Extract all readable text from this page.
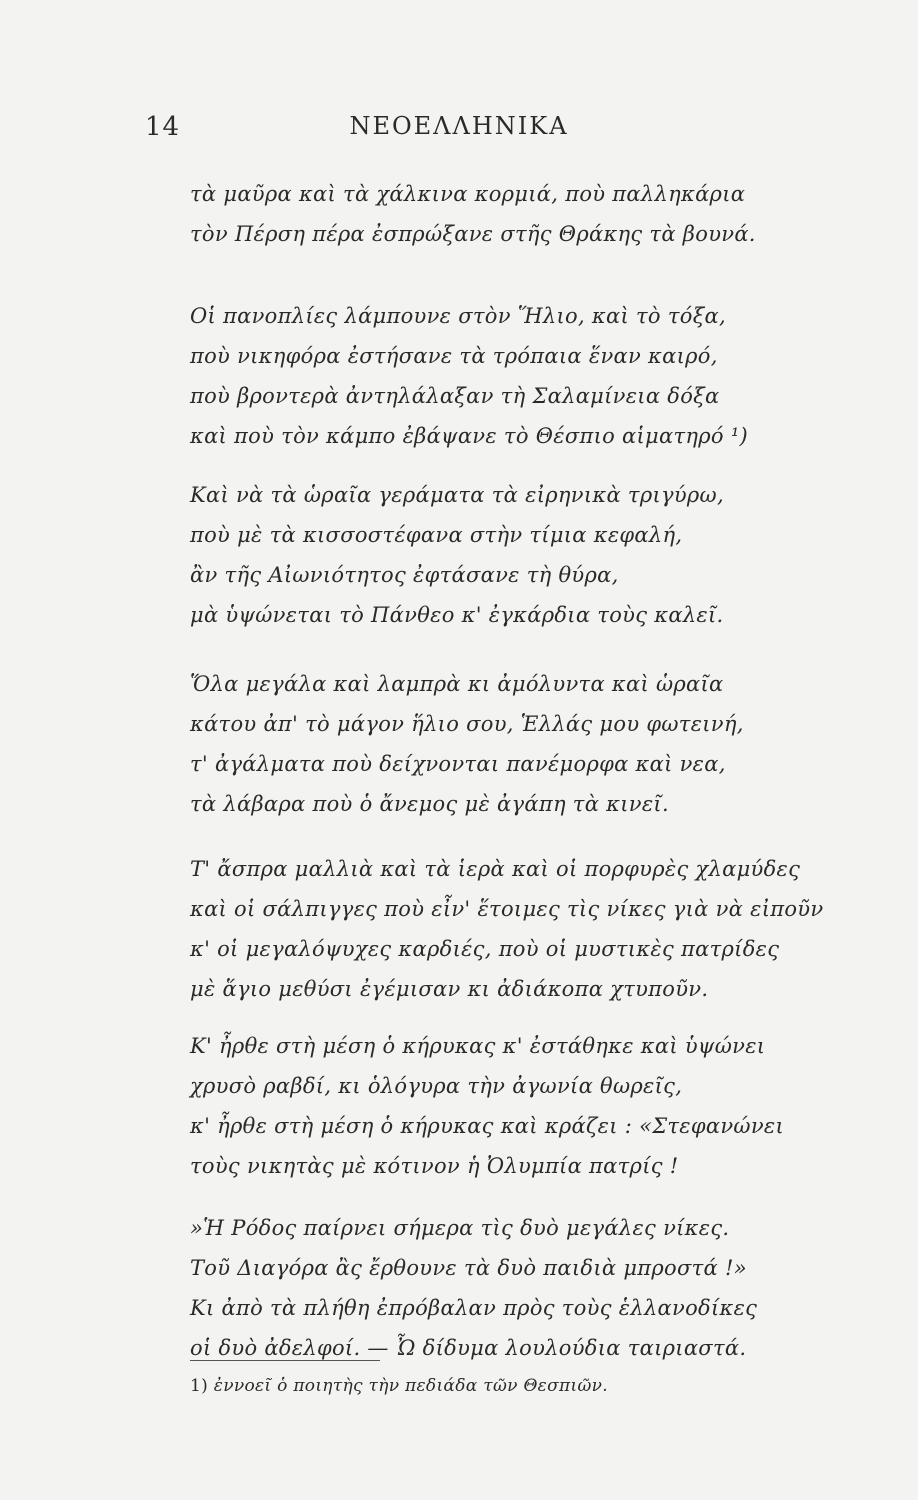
14	ΝΕΟΕΛΛΗΝΙΚΑ
τὰ μαῦρα καὶ τὰ χάλκινα κορμιά, ποὺ παλληκάρια
τὸν Πέρση πέρα ἐσπρώξανε στῆς Θράκης τὰ βουνά.
Οἱ πανοπλίες λάμπουνε στὸν Ἥλιο, καὶ τὸ τόξα,
ποὺ νικηφόρα ἐστήσανε τὰ τρόπαια ἕναν καιρό,
ποὺ βροντερὰ ἀντηλάλαξαν τὴ Σαλαμίνεια δόξα
καὶ ποὺ τὸν κάμπο ἐβάψανε τὸ Θέσπιο αἱματηρό ¹)
Καὶ νὰ τὰ ὡραῖα γεράματα τὰ εἰρηνικὰ τριγύρω,
ποὺ μὲ τὰ κισσοστέφανα στὴν τίμια κεφαλή,
ἂν τῆς Αἰωνιότητος ἐφτάσανε τὴ θύρα,
μὰ ὑψώνεται τὸ Πάνθεο κ' ἐγκάρδια τοὺς καλεῖ.
Ὅλα μεγάλα καὶ λαμπρὰ κι ἀμόλυντα καὶ ὡραῖα
κάτου ἀπ' τὸ μάγον ἥλιο σου, Ἑλλάς μου φωτεινή,
τ' ἀγάλματα ποὺ δείχνονται πανέμορφα καὶ νεα,
τὰ λάβαρα ποὺ ὁ ἄνεμος μὲ ἀγάπη τὰ κινεῖ.
Τ' ἄσπρα μαλλιὰ καὶ τὰ ἱερὰ καὶ οἱ πορφυρὲς χλαμύδες
καὶ οἱ σάλπιγγες ποὺ εἶν' ἕτοιμες τὶς νίκες γιὰ νὰ εἰποῦν
κ' οἱ μεγαλόψυχες καρδιές, ποὺ οἱ μυστικὲς πατρίδες
μὲ ἅγιο μεθύσι ἐγέμισαν κι ἀδιάκοπα χτυποῦν.
Κ' ἦρθε στὴ μέση ὁ κήρυκας κ' ἐστάθηκε καὶ ὑψώνει
χρυσὸ ραβδί, κι ὁλόγυρα τὴν ἀγωνία θωρεῖς,
κ' ἦρθε στὴ μέση ὁ κήρυκας καὶ κράζει : «Στεφανώνει
τοὺς νικητὰς μὲ κότινον ἡ Ὀλυμπία πατρίς !
»Ἡ Ρόδος παίρνει σήμερα τὶς δυὸ μεγάλες νίκες.
Τοῦ Διαγόρα ἂς ἔρθουνε τὰ δυὸ παιδιὰ μπροστά !»
Κι ἀπὸ τὰ πλήθη ἐπρόβαλαν πρὸς τοὺς ἑλλανοδίκες
οἱ δυὸ ἀδελφοί. — Ὦ δίδυμα λουλούδια ταιριαστά.
1) ἐννοεῖ ὁ ποιητὴς τὴν πεδιάδα τῶν Θεσπιῶν.
